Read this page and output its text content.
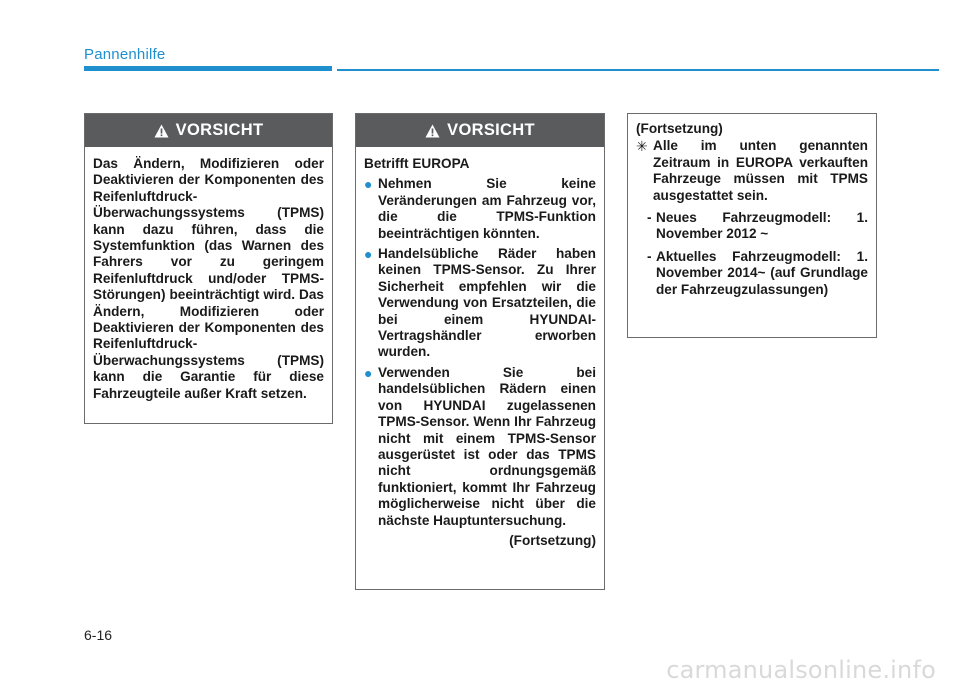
Pannenhilfe
VORSICHT
Das Ändern, Modifizieren oder Deaktivieren der Komponenten des Reifenluftdruck-Überwachungssystems (TPMS) kann dazu führen, dass die Systemfunktion (das Warnen des Fahrers vor zu geringem Reifenluftdruck und/oder TPMS-Störungen) beeinträchtigt wird. Das Ändern, Modifizieren oder Deaktivieren der Komponenten des Reifenluftdruck-Überwachungssystems (TPMS) kann die Garantie für diese Fahrzeugteile außer Kraft setzen.
VORSICHT
Betrifft EUROPA
● Nehmen Sie keine Veränderungen am Fahrzeug vor, die die TPMS-Funktion beeinträchtigen könnten.
● Handelsübliche Räder haben keinen TPMS-Sensor. Zu Ihrer Sicherheit empfehlen wir die Verwendung von Ersatzteilen, die bei einem HYUNDAI-Vertragshändler erworben wurden.
● Verwenden Sie bei handelsüblichen Rädern einen von HYUNDAI zugelassenen TPMS-Sensor. Wenn Ihr Fahrzeug nicht mit einem TPMS-Sensor ausgerüstet ist oder das TPMS nicht ordnungsgemäß funktioniert, kommt Ihr Fahrzeug möglicherweise nicht über die nächste Hauptuntersuchung.
(Fortsetzung)
(Fortsetzung)
✳ Alle im unten genannten Zeitraum in EUROPA verkauften Fahrzeuge müssen mit TPMS ausgestattet sein.
- Neues Fahrzeugmodell: 1. November 2012 ~
- Aktuelles Fahrzeugmodell: 1. November 2014~ (auf Grundlage der Fahrzeugzulassungen)
6-16
carmanualsonline.info
